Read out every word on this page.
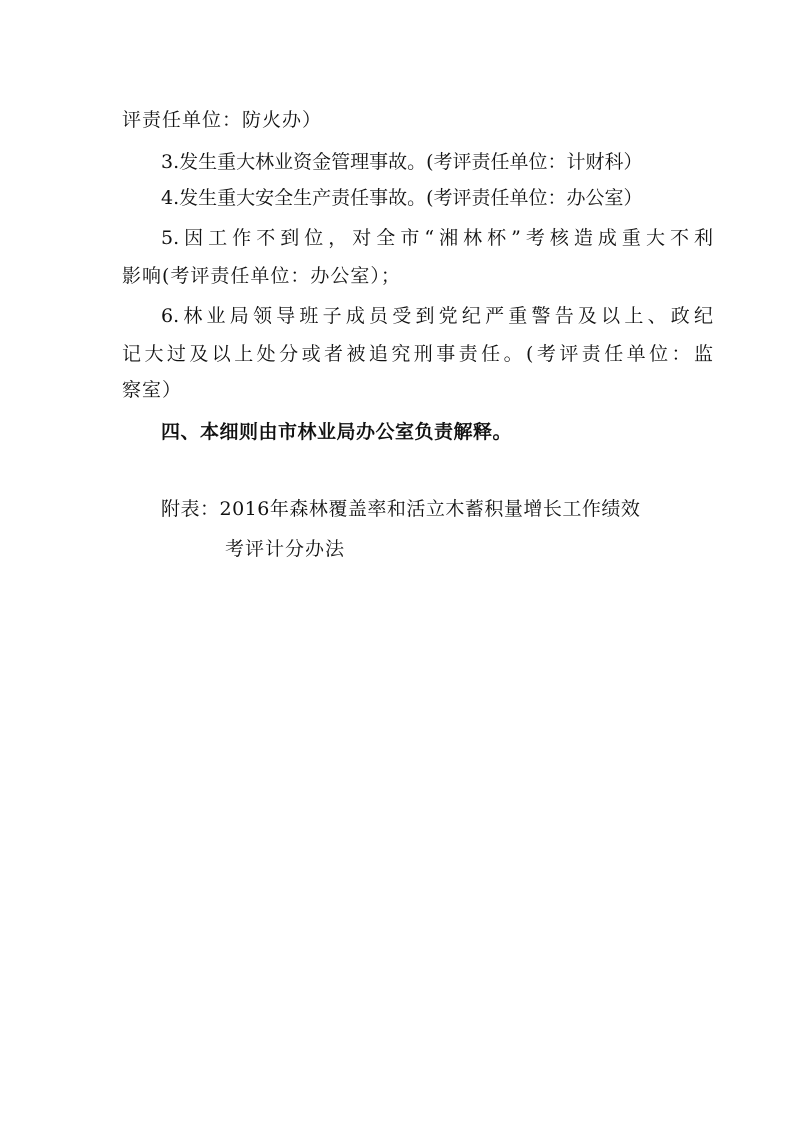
评责任单位：防火办）
3.发生重大林业资金管理事故。(考评责任单位：计财科）
4.发生重大安全生产责任事故。(考评责任单位：办公室）
5.因工作不到位，对全市“湘林杯”考核造成重大不利
影响(考评责任单位：办公室）；
6.林业局领导班子成员受到党纪严重警告及以上、政纪
记大过及以上处分或者被追究刑事责任。(考评责任单位：监
察室）
四、本细则由市林业局办公室负责解释。
附表：2016年森林覆盖率和活立木蓄积量增长工作绩效
考评计分办法
